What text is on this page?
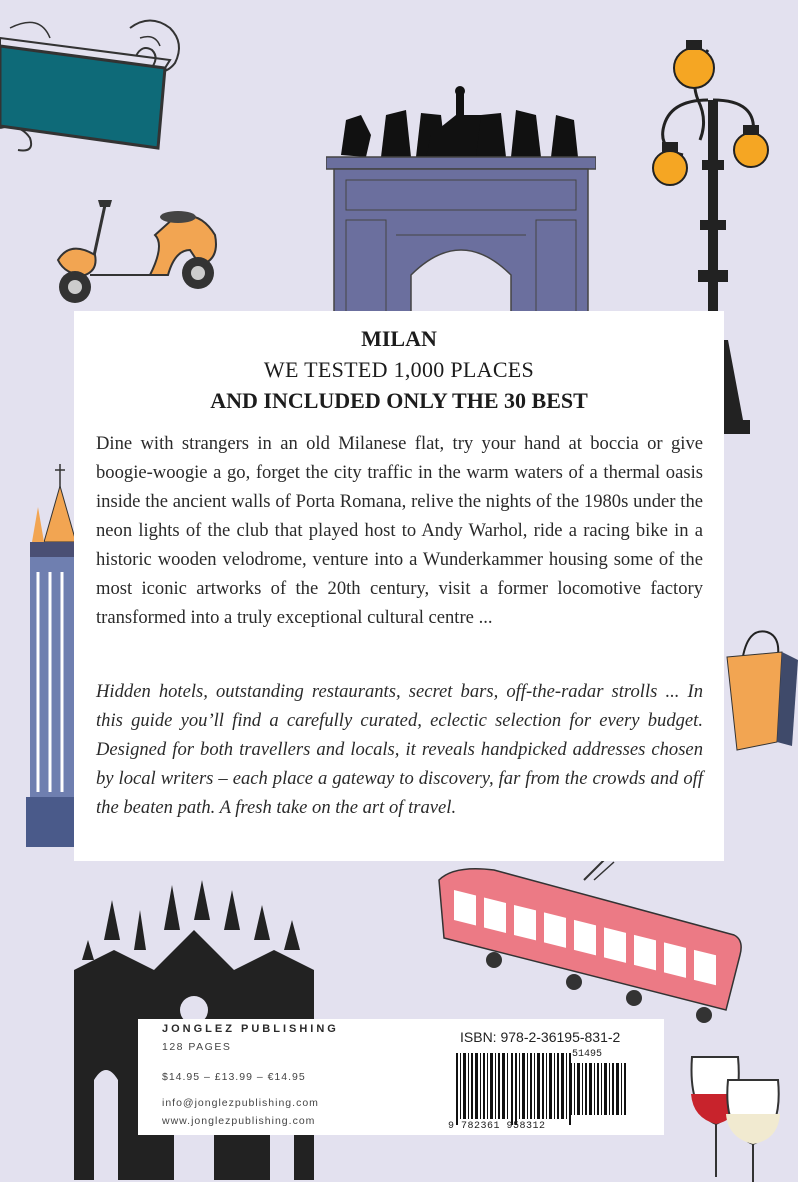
MILAN
WE TESTED 1,000 PLACES
AND INCLUDED ONLY THE 30 BEST

Dine with strangers in an old Milanese flat, try your hand at boccia or give boogie-woogie a go, forget the city traffic in the warm waters of a thermal oasis inside the ancient walls of Porta Romana, relive the nights of the 1980s under the neon lights of the club that played host to Andy Warhol, ride a racing bike in a historic wooden velodrome, venture into a Wunderkammer housing some of the most iconic artworks of the 20th century, visit a former locomotive factory transformed into a truly exceptional cultural centre ...

Hidden hotels, outstanding restaurants, secret bars, off-the-radar strolls ... In this guide you’ll find a carefully curated, eclectic selection for every budget. Designed for both travellers and locals, it reveals handpicked addresses chosen by local writers – each place a gateway to discovery, far from the crowds and off the beaten path. A fresh take on the art of travel.

JONGLEZ PUBLISHING
128 PAGES
$14.95 – £13.99 – €14.95
info@jonglezpublishing.com
www.jonglezpublishing.com
ISBN: 978-2-36195-831-2
51495
9 782361 958312
